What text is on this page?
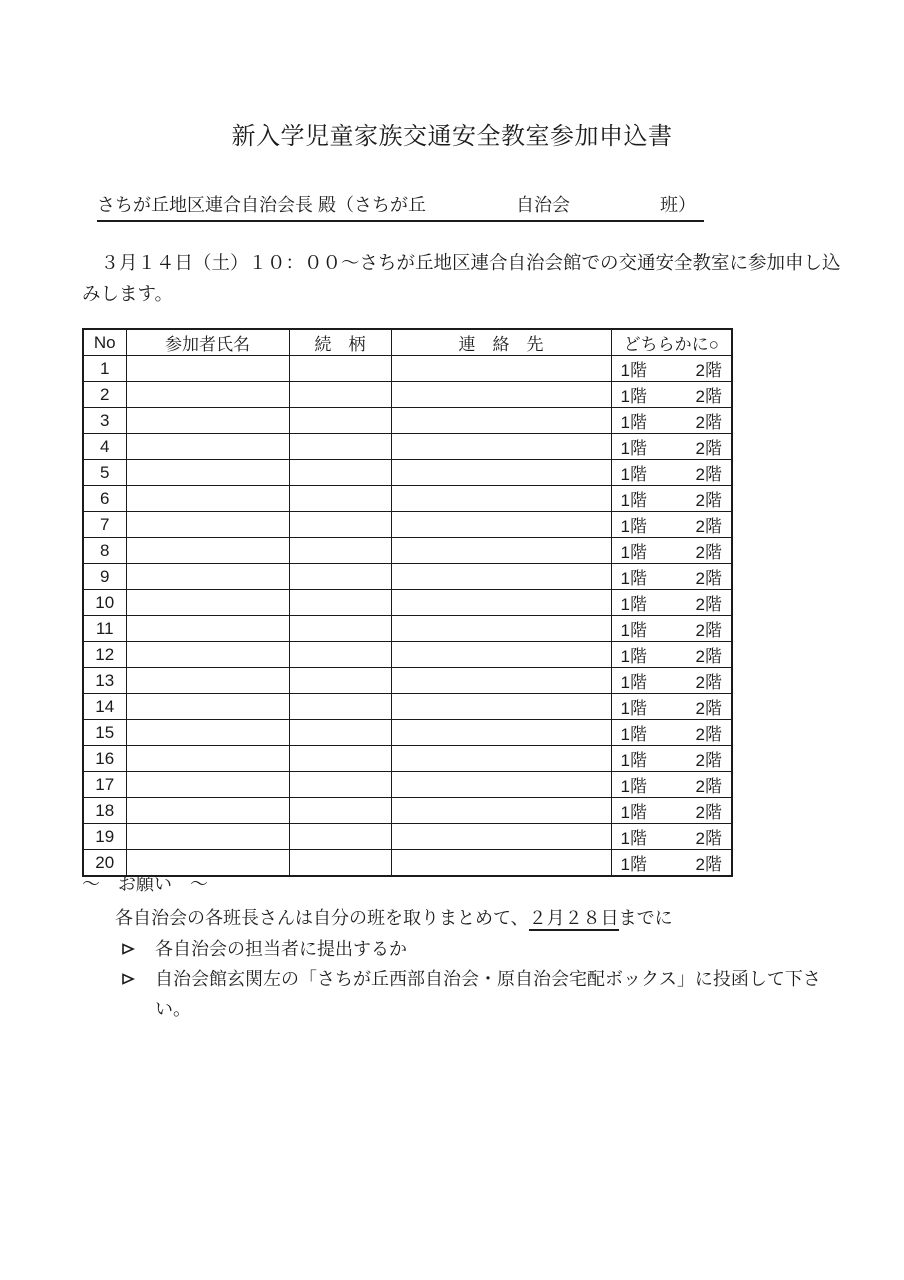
新入学児童家族交通安全教室参加申込書
さちが丘地区連合自治会長 殿（さちが丘　　　　　自治会　　　　　班）

３月１４日（土）１０：００～さちが丘地区連合自治会館での交通安全教室に参加申し込みします。

No	参加者氏名	続　柄	連　絡　先	どちらかに○
1				1階 2階

2				1階 2階

3				1階 2階

4				1階 2階

5				1階 2階

6				1階 2階

7				1階 2階

8				1階 2階

9				1階 2階

10				1階 2階

11				1階 2階

12				1階 2階

13				1階 2階

14				1階 2階

15				1階 2階

16				1階 2階

17				1階 2階

18				1階 2階

19				1階 2階

20				1階 2階
～　お願い　～

各自治会の各班長さんは自分の班を取りまとめて、２月２８日までに

各自治会の担当者に提出するか
自治会館玄関左の「さちが丘西部自治会・原自治会宅配ボックス」に投函して下さい。
